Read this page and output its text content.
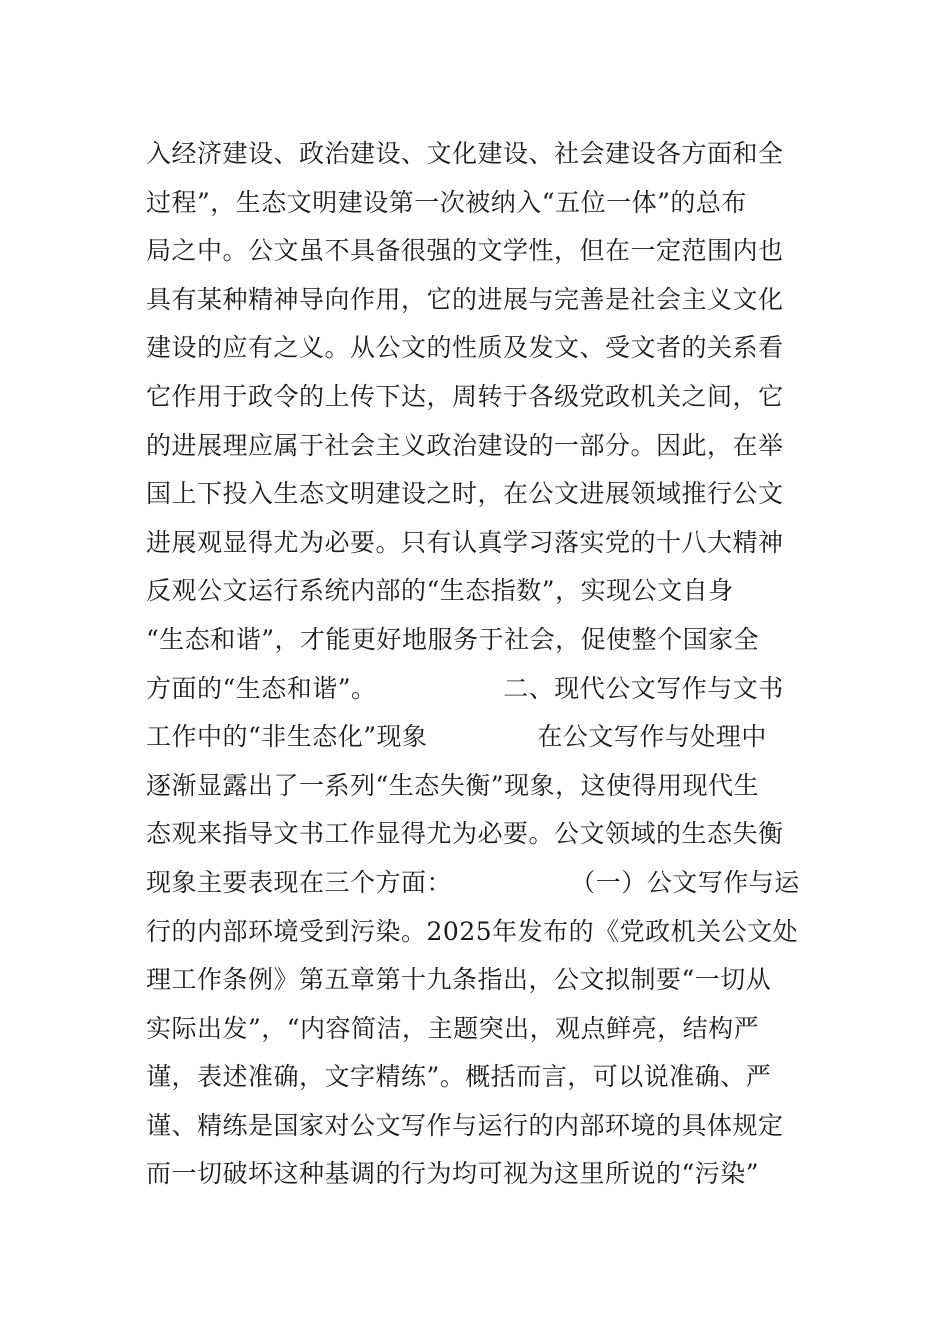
入经济建设、政治建设、文化建设、社会建设各方面和全
过程”，生态文明建设第一次被纳入“五位一体”的总布
局之中。公文虽不具备很强的文学性，但在一定范围内也
具有某种精神导向作用，它的进展与完善是社会主义文化
建设的应有之义。从公文的性质及发文、受文者的关系看
它作用于政令的上传下达，周转于各级党政机关之间，它
的进展理应属于社会主义政治建设的一部分。因此，在举
国上下投入生态文明建设之时，在公文进展领域推行公文
进展观显得尤为必要。只有认真学习落实党的十八大精神
反观公文运行系统内部的“生态指数”，实现公文自身
“生态和谐”，才能更好地服务于社会，促使整个国家全
方面的“生态和谐”。               二、现代公文写作与文书
工作中的“非生态化”现象             在公文写作与处理中
逐渐显露出了一系列“生态失衡”现象，这使得用现代生
态观来指导文书工作显得尤为必要。公文领域的生态失衡
现象主要表现在三个方面：              （一）公文写作与运
行的内部环境受到污染。2025年发布的《党政机关公文处
理工作条例》第五章第十九条指出，公文拟制要“一切从
实际出发”，“内容简洁，主题突出，观点鲜亮，结构严
谨，表述准确，文字精练”。概括而言，可以说准确、严
谨、精练是国家对公文写作与运行的内部环境的具体规定
而一切破坏这种基调的行为均可视为这里所说的“污染”
